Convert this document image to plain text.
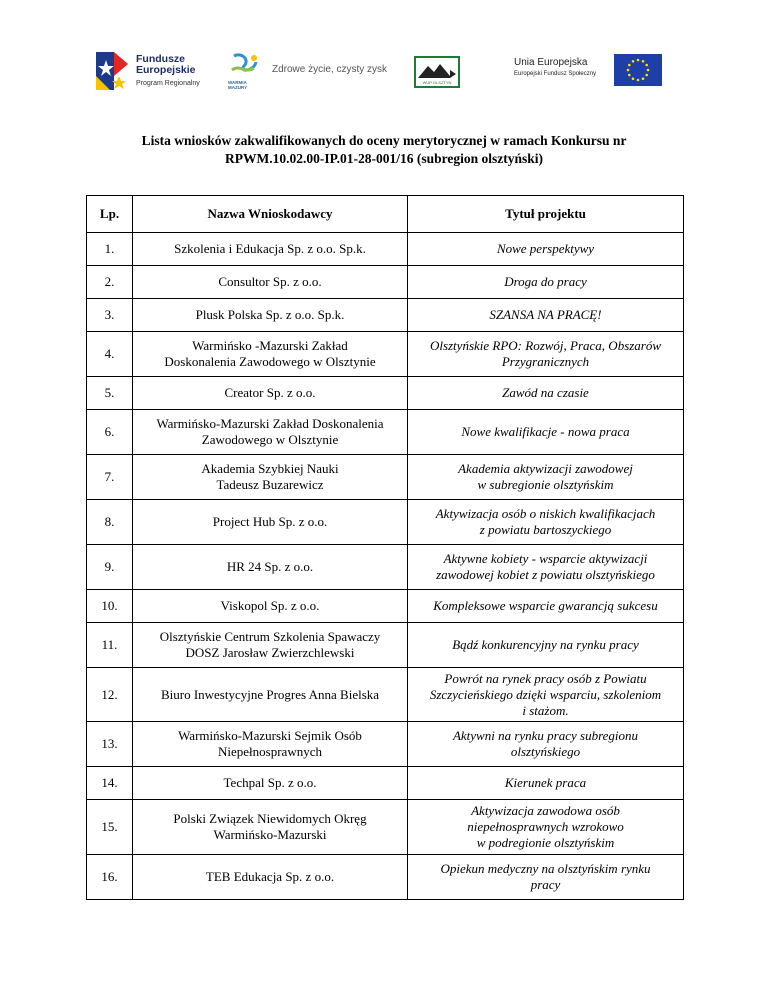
Fundusze
Europejskie
Program Regionalny	WARMIA MAZURY
Zdrowe życie, czysty zysk
WUP OLSZTYN
Unia Europejska
Europejski Fundusz Społeczny
Lista wniosków zakwalifikowanych do oceny merytorycznej w ramach Konkursu nr
RPWM.10.02.00-IP.01-28-001/16 (subregion olsztyński)
Lp.	Nazwa Wnioskodawcy	Tytuł projektu
1.	Szkolenia i Edukacja Sp. z o.o. Sp.k.	Nowe perspektywy
2.	Consultor Sp. z o.o.	Droga do pracy
3.	Plusk Polska Sp. z o.o. Sp.k.	SZANSA NA PRACĘ!
4.	Warmińsko -Mazurski Zakład
Doskonalenia Zawodowego w Olsztynie	Olsztyńskie RPO: Rozwój, Praca, Obszarów
Przygranicznych
5.	Creator Sp. z o.o.	Zawód na czasie
6.	Warmińsko-Mazurski Zakład Doskonalenia
Zawodowego w Olsztynie	Nowe kwalifikacje - nowa praca
7.	Akademia Szybkiej Nauki
Tadeusz Buzarewicz	Akademia aktywizacji zawodowej
w subregionie olsztyńskim
8.	Project Hub Sp. z o.o.	Aktywizacja osób o niskich kwalifikacjach
z powiatu bartoszyckiego
9.	HR 24 Sp. z o.o.	Aktywne kobiety - wsparcie aktywizacji
zawodowej kobiet z powiatu olsztyńskiego
10.	Viskopol Sp. z o.o.	Kompleksowe wsparcie gwarancją sukcesu
11.	Olsztyńskie Centrum Szkolenia Spawaczy
DOSZ Jarosław Zwierzchlewski	Bądź konkurencyjny na rynku pracy
12.	Biuro Inwestycyjne Progres Anna Bielska	Powrót na rynek pracy osób z Powiatu
Szczycieńskiego dzięki wsparciu, szkoleniom
i stażom.
13.	Warmińsko-Mazurski Sejmik Osób
Niepełnosprawnych	Aktywni na rynku pracy subregionu
olsztyńskiego
14.	Techpal Sp. z o.o.	Kierunek praca
15.	Polski Związek Niewidomych Okręg
Warmińsko-Mazurski	Aktywizacja zawodowa osób
niepełnosprawnych wzrokowo
w podregionie olsztyńskim
16.	TEB Edukacja Sp. z o.o.	Opiekun medyczny na olsztyńskim rynku
pracy
